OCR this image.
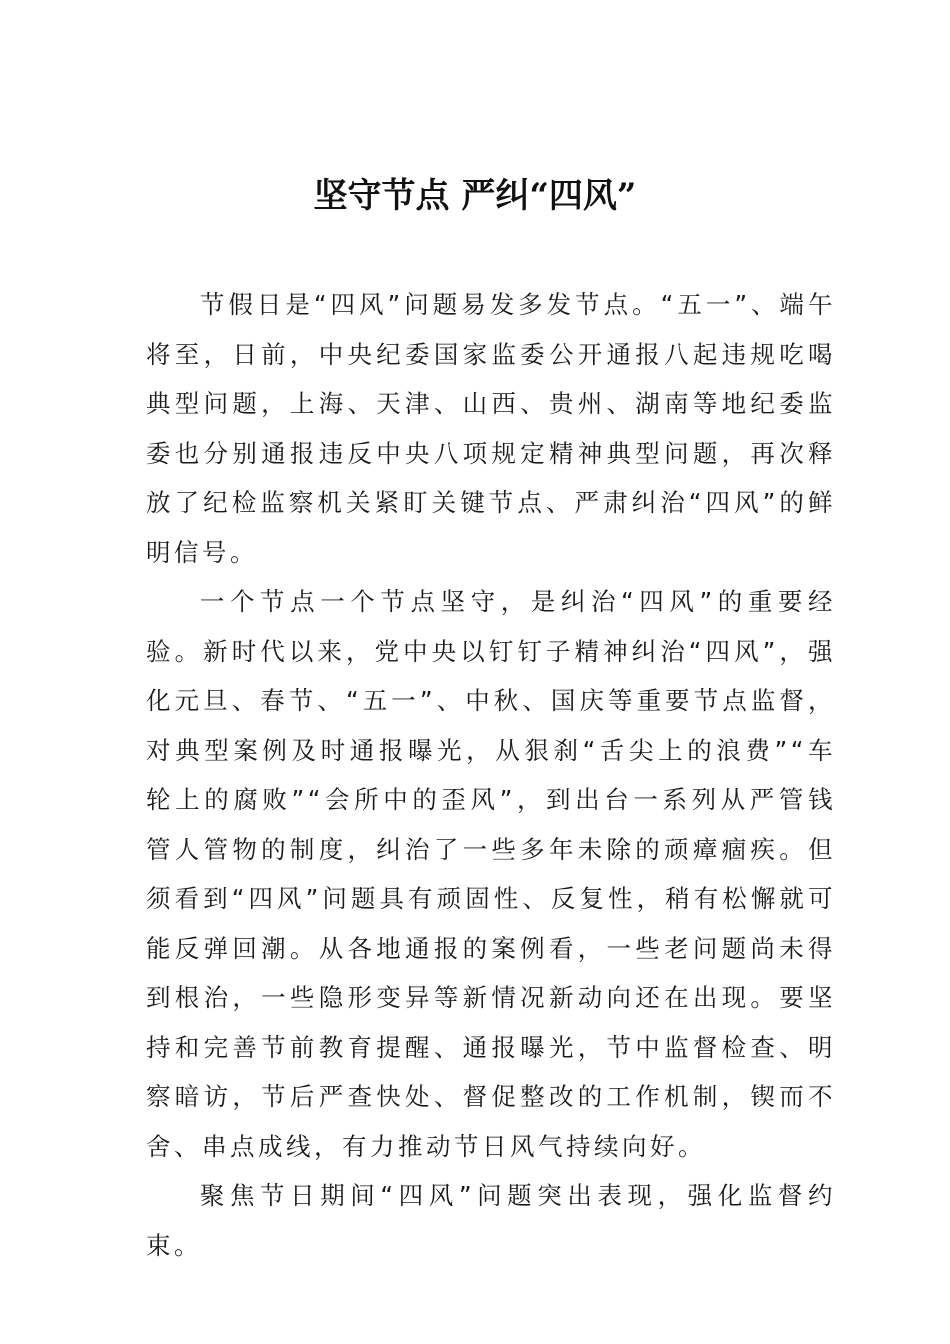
坚守节点 严纠“四风”

节假日是“四风”问题易发多发节点。“五一”、端午将至，日前，中央纪委国家监委公开通报八起违规吃喝典型问题，上海、天津、山西、贵州、湖南等地纪委监委也分别通报违反中央八项规定精神典型问题，再次释放了纪检监察机关紧盯关键节点、严肃纠治“四风”的鲜明信号。

一个节点一个节点坚守，是纠治“四风”的重要经验。新时代以来，党中央以钉钉子精神纠治“四风”，强化元旦、春节、“五一”、中秋、国庆等重要节点监督，对典型案例及时通报曝光，从狠刹“舌尖上的浪费”“车轮上的腐败”“会所中的歪风”，到出台一系列从严管钱管人管物的制度，纠治了一些多年未除的顽瘴痼疾。但须看到“四风”问题具有顽固性、反复性，稍有松懈就可能反弹回潮。从各地通报的案例看，一些老问题尚未得到根治，一些隐形变异等新情况新动向还在出现。要坚持和完善节前教育提醒、通报曝光，节中监督检查、明察暗访，节后严查快处、督促整改的工作机制，锲而不舍、串点成线，有力推动节日风气持续向好。

聚焦节日期间“四风”问题突出表现，强化监督约束。
